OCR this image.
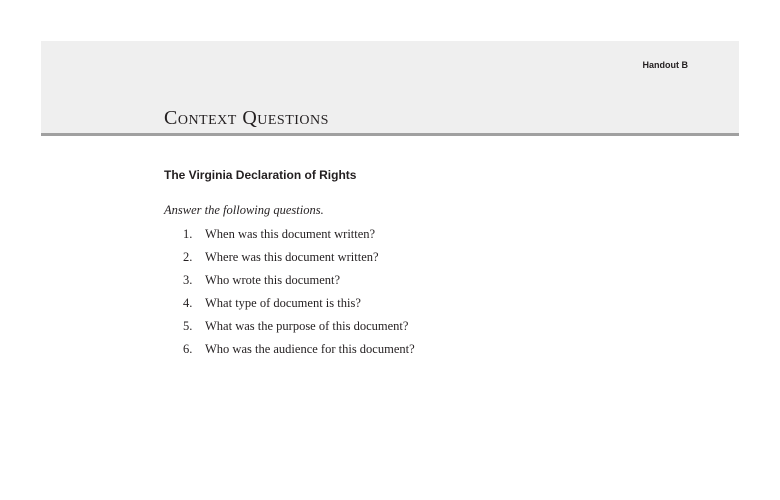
Handout B
Context Questions
The Virginia Declaration of Rights

Answer the following questions.

1. When was this document written?
2. Where was this document written?
3. Who wrote this document?
4. What type of document is this?
5. What was the purpose of this document?
6. Who was the audience for this document?
